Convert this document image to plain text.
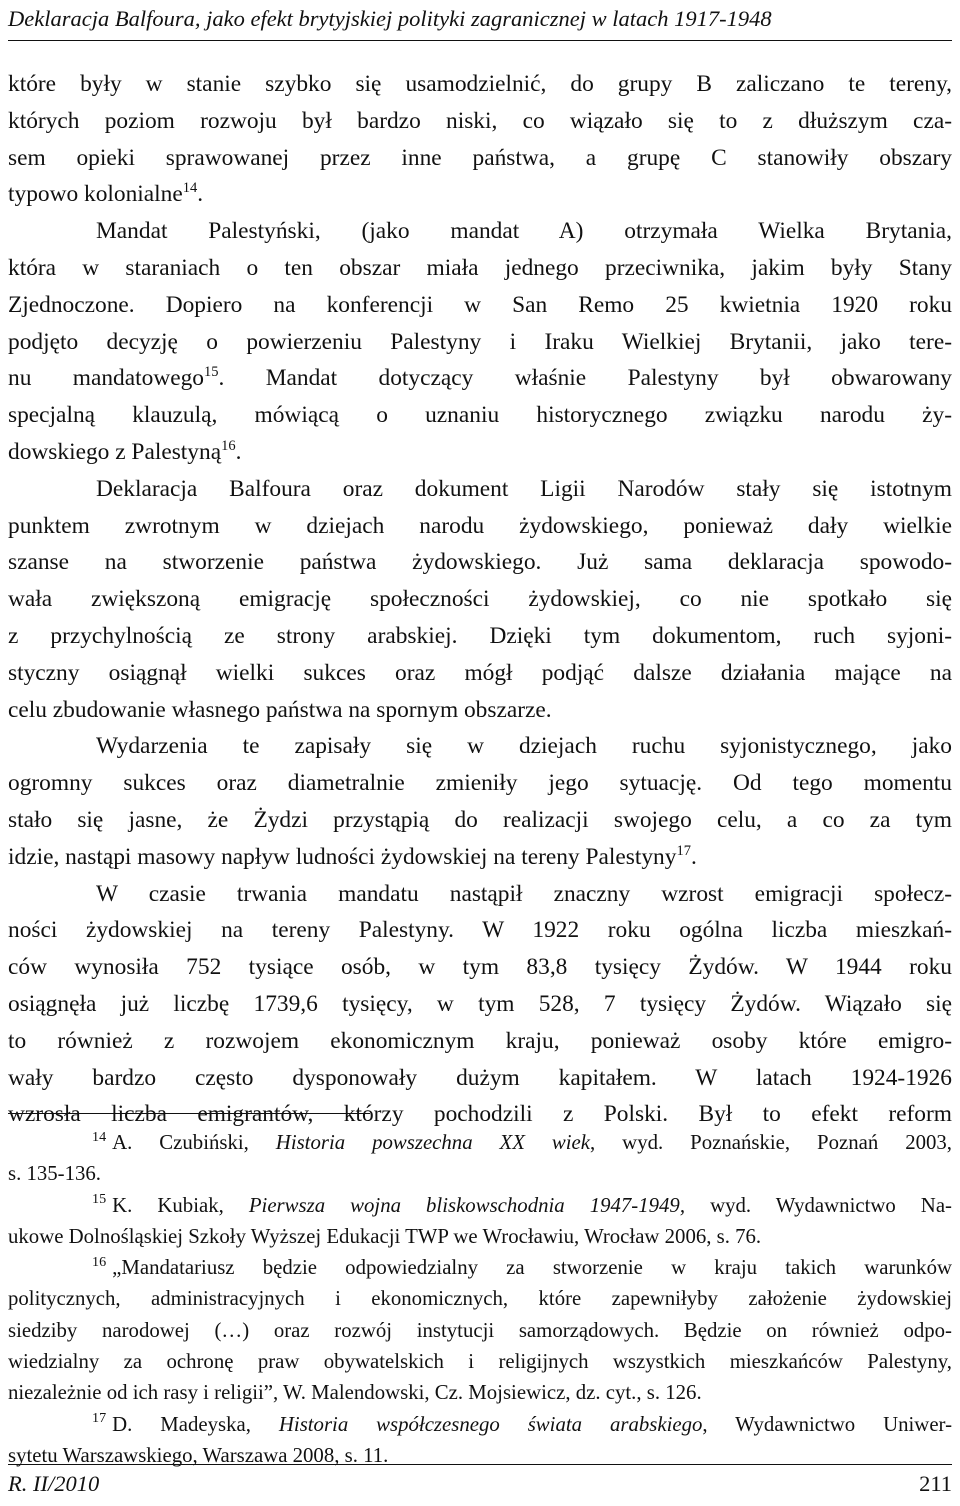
Deklaracja Balfoura, jako efekt brytyjskiej polityki zagranicznej w latach 1917-1948
które były w stanie szybko się usamodzielnić, do grupy B zaliczano te tereny,
których poziom rozwoju był bardzo niski, co wiązało się to z dłuższym cza-
sem opieki sprawowanej przez inne państwa, a grupę C stanowiły obszary
typowo kolonialne$^{14}$.
Mandat Palestyński, (jako mandat A) otrzymała Wielka Brytania,
która w staraniach o ten obszar miała jednego przeciwnika, jakim były Stany
Zjednoczone. Dopiero na konferencji w San Remo 25 kwietnia 1920 roku
podjęto decyzję o powierzeniu Palestyny i Iraku Wielkiej Brytanii, jako tere-
nu mandatowego$^{15}$. Mandat dotyczący właśnie Palestyny był obwarowany
specjalną klauzulą, mówiącą o uznaniu historycznego związku narodu ży-
dowskiego z Palestyną$^{16}$.
Deklaracja Balfoura oraz dokument Ligii Narodów stały się istotnym
punktem zwrotnym w dziejach narodu żydowskiego, ponieważ dały wielkie
szanse na stworzenie państwa żydowskiego. Już sama deklaracja spowodo-
wała zwiększoną emigrację społeczności żydowskiej, co nie spotkało się
z przychylnością ze strony arabskiej. Dzięki tym dokumentom, ruch syjoni-
styczny osiągnął wielki sukces oraz mógł podjąć dalsze działania mające na
celu zbudowanie własnego państwa na spornym obszarze.
Wydarzenia te zapisały się w dziejach ruchu syjonistycznego, jako
ogromny sukces oraz diametralnie zmieniły jego sytuację. Od tego momentu
stało się jasne, że Żydzi przystąpią do realizacji swojego celu, a co za tym
idzie, nastąpi masowy napływ ludności żydowskiej na tereny Palestyny$^{17}$.
W czasie trwania mandatu nastąpił znaczny wzrost emigracji społecz-
ności żydowskiej na tereny Palestyny. W 1922 roku ogólna liczba mieszkań-
ców wynosiła 752 tysiące osób, w tym 83,8 tysięcy Żydów. W 1944 roku
osiągnęła już liczbę 1739,6 tysięcy, w tym 528, 7 tysięcy Żydów. Wiązało się
to również z rozwojem ekonomicznym kraju, ponieważ osoby które emigro-
wały bardzo często dysponowały dużym kapitałem. W latach 1924-1926
wzrosła liczba emigrantów, którzy pochodzili z Polski. Był to efekt reform
$^{14}$ A. Czubiński, Historia powszechna XX wiek, wyd. Poznańskie, Poznań 2003,
s. 135-136.
$^{15}$ K. Kubiak, Pierwsza wojna bliskowschodnia 1947-1949, wyd. Wydawnictwo Na-
ukowe Dolnośląskiej Szkoły Wyższej Edukacji TWP we Wrocławiu, Wrocław 2006, s. 76.
$^{16}$ „Mandatariusz będzie odpowiedzialny za stworzenie w kraju takich warunków
politycznych, administracyjnych i ekonomicznych, które zapewniłyby założenie żydowskiej
siedziby narodowej (…) oraz rozwój instytucji samorządowych. Będzie on również odpo-
wiedzialny za ochronę praw obywatelskich i religijnych wszystkich mieszkańców Palestyny,
niezależnie od ich rasy i religii”, W. Malendowski, Cz. Mojsiewicz, dz. cyt., s. 126.
$^{17}$ D. Madeyska, Historia współczesnego świata arabskiego, Wydawnictwo Uniwer-
sytetu Warszawskiego, Warszawa 2008, s. 11.
R. II/2010	211
